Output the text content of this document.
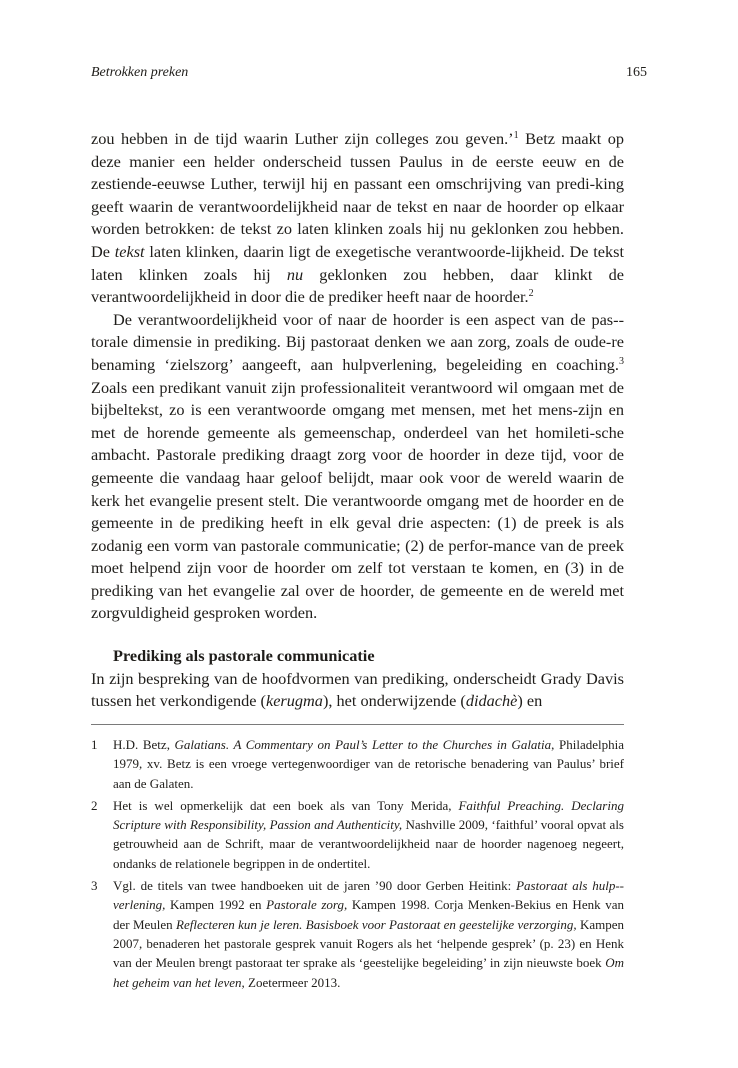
Betrokken preken	165

zou hebben in de tijd waarin Luther zijn colleges zou geven.’$^1$ Betz maakt op deze manier een helder onderscheid tussen Paulus in de eerste eeuw en de zestiende-eeuwse Luther, terwijl hij en passant een omschrijving van predi-king geeft waarin de verantwoordelijkheid naar de tekst en naar de hoorder op elkaar worden betrokken: de tekst zo laten klinken zoals hij nu geklonken zou hebben. De tekst laten klinken, daarin ligt de exegetische verantwoorde-lijkheid. De tekst laten klinken zoals hij nu geklonken zou hebben, daar klinkt de verantwoordelijkheid in door die de prediker heeft naar de hoorder.$^2$

De verantwoordelijkheid voor of naar de hoorder is een aspect van de pas-torale dimensie in prediking. Bij pastoraat denken we aan zorg, zoals de oude-re benaming ‘zielszorg’ aangeeft, aan hulpverlening, begeleiding en coaching.$^3$ Zoals een predikant vanuit zijn professionaliteit verantwoord wil omgaan met de bijbeltekst, zo is een verantwoorde omgang met mensen, met het mens-zijn en met de horende gemeente als gemeenschap, onderdeel van het homileti-sche ambacht. Pastorale prediking draagt zorg voor de hoorder in deze tijd, voor de gemeente die vandaag haar geloof belijdt, maar ook voor de wereld waarin de kerk het evangelie present stelt. Die verantwoorde omgang met de hoorder en de gemeente in de prediking heeft in elk geval drie aspecten: (1) de preek is als zodanig een vorm van pastorale communicatie; (2) de perfor-mance van de preek moet helpend zijn voor de hoorder om zelf tot verstaan te komen, en (3) in de prediking van het evangelie zal over de hoorder, de gemeente en de wereld met zorgvuldigheid gesproken worden.

Prediking als pastorale communicatie

In zijn bespreking van de hoofdvormen van prediking, onderscheidt Grady Davis tussen het verkondigende (kerugma), het onderwijzende (didachè) en

1	H.D. Betz, Galatians. A Commentary on Paul’s Letter to the Churches in Galatia, Philadelphia 1979, xv. Betz is een vroege vertegenwoordiger van de retorische benadering van Paulus’ brief aan de Galaten.
2	Het is wel opmerkelijk dat een boek als van Tony Merida, Faithful Preaching. Declaring Scripture with Responsibility, Passion and Authenticity, Nashville 2009, ‘faithful’ vooral opvat als getrouwheid aan de Schrift, maar de verantwoordelijkheid naar de hoorder nagenoeg negeert, ondanks de relationele begrippen in de ondertitel.
3	Vgl. de titels van twee handboeken uit de jaren ’90 door Gerben Heitink: Pastoraat als hulp-verlening, Kampen 1992 en Pastorale zorg, Kampen 1998. Corja Menken-Bekius en Henk van der Meulen Reflecteren kun je leren. Basisboek voor Pastoraat en geestelijke verzorging, Kampen 2007, benaderen het pastorale gesprek vanuit Rogers als het ‘helpende gesprek’ (p. 23) en Henk van der Meulen brengt pastoraat ter sprake als ‘geestelijke begeleiding’ in zijn nieuwste boek Om het geheim van het leven, Zoetermeer 2013.
